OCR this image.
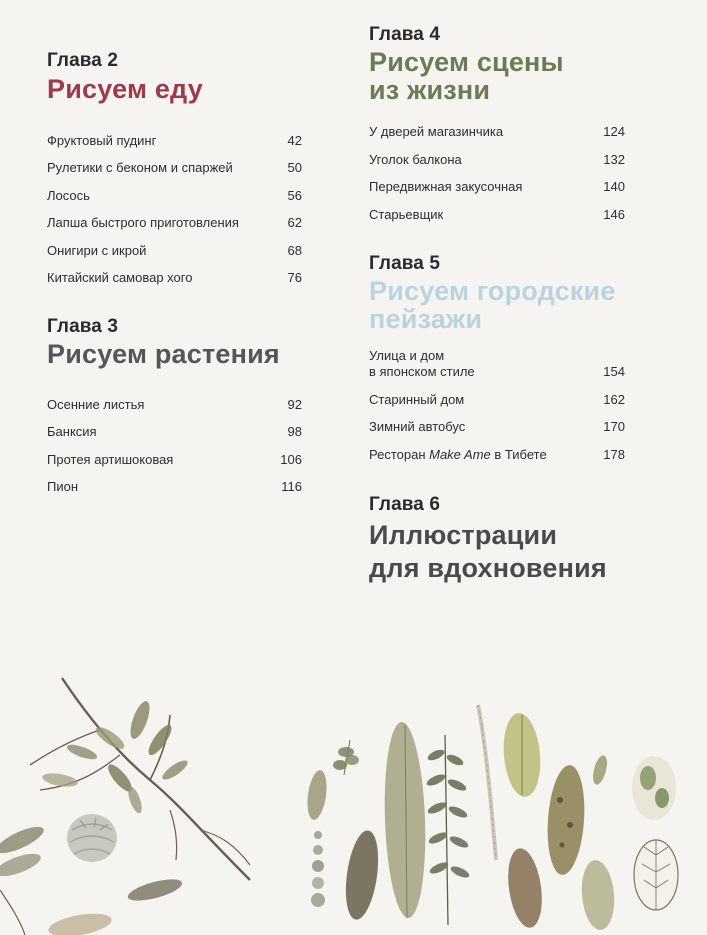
Глава 2
Рисуем еду
Фруктовый пудинг	42
Рулетики с беконом и спаржей	50
Лосось	56
Лапша быстрого приготовления	62
Онигири с икрой	68
Китайский самовар хого	76
Глава 3
Рисуем растения
Осенние листья	92
Банксия	98
Протея артишоковая	106
Пион	116
Глава 4
Рисуем сцены
из жизни
У дверей магазинчика	124
Уголок балкона	132
Передвижная закусочная	140
Старьевщик	146
Глава 5
Рисуем городские
пейзажи
Улица и дом
в японском стиле	154
Старинный дом	162
Зимний автобус	170
Ресторан Make Ame в Тибете	178
Глава 6
Иллюстрации
для вдохновения
